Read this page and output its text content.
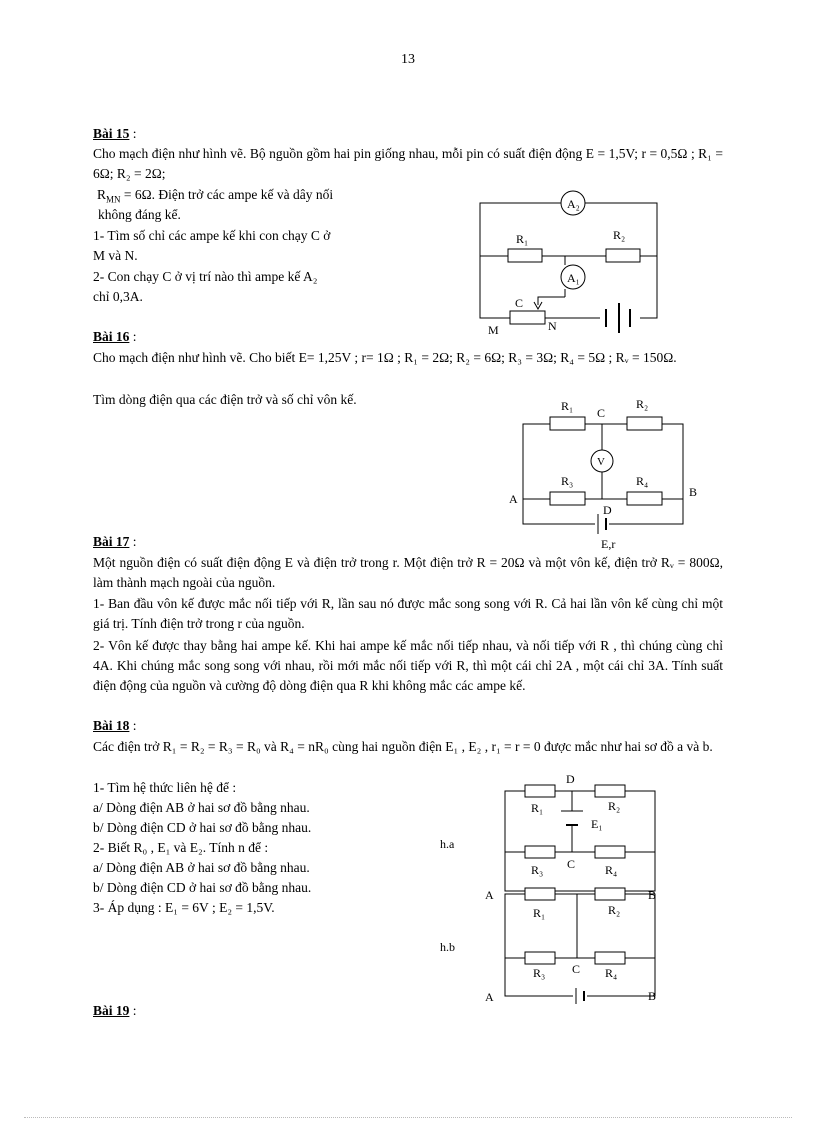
13
Bài 15 :
Cho mạch điện như hình vẽ. Bộ nguồn gồm hai pin giống nhau, mỗi pin có suất điện động E = 1,5V; r = 0,5Ω ; R₁ = 6Ω; R₂ = 2Ω;
$R_{MN} = 6\Omega$. Điện trở các ampe kế và dây nối
không đáng kể.
1- Tìm số chỉ các ampe kế khi con chạy C ở
M và N.
2- Con chạy C ở vị trí nào thì ampe kế A₂
chỉ 0,3A.
A₂
A₁
R₁	R₂
C
M	N
Bài 16 :
Cho mạch điện như hình vẽ. Cho biết E= 1,25V ; r= 1Ω ; R₁ = 2Ω; R₂ = 6Ω; R₃ = 3Ω; R₄ = 5Ω ; Rᵥ = 150Ω.
Tìm dòng điện qua các điện trở và số chỉ vôn kế.	R₁	R₂
C
V
R₃	R₄
D
A	B
E,r
Bài 17 :
Một nguồn điện có suất điện động E và điện trở trong r. Một điện trở R = 20Ω và một vôn kế, điện trở Rᵥ = 800Ω, làm thành mạch ngoài của nguồn.
1- Ban đầu vôn kế được mắc nối tiếp với R, lần sau nó được mắc song song với R. Cả hai lần vôn kế cùng chỉ một giá trị. Tính điện trở trong r của nguồn.
2- Vôn kế được thay bằng hai ampe kế. Khi hai ampe kế mắc nối tiếp nhau, và nối tiếp với R , thì chúng cùng chỉ 4A. Khi chúng mắc song song với nhau, rồi mới mắc nối tiếp với R, thì một cái chỉ 2A , một cái chỉ 3A. Tính suất điện động của nguồn và cường độ dòng điện qua R khi không mắc các ampe kế.
Bài 18 :
Các điện trở R₁ = R₂ = R₃ = R₀ và R₄ = nR₀ cùng hai nguồn điện E₁ , E₂ , r₁ = r = 0 được mắc như hai sơ đồ a và b.
1- Tìm hệ thức liên hệ để :
a/ Dòng điện AB ở hai sơ đồ bằng nhau.
b/ Dòng điện CD ở hai sơ đồ bằng nhau.
2- Biết R₀ , E₁ và E₂. Tính n để :
a/ Dòng điện AB ở hai sơ đồ bằng nhau.
b/ Dòng điện CD ở hai sơ đồ bằng nhau.
3- Áp dụng : E₁ = 6V ; E₂ = 1,5V.
h.a
h.b
D
R₁	R₂
E₁
C
R₃	R₄
A	B
R₁	R₂
C
R₃	R₄
A	B
Bài 19 :
